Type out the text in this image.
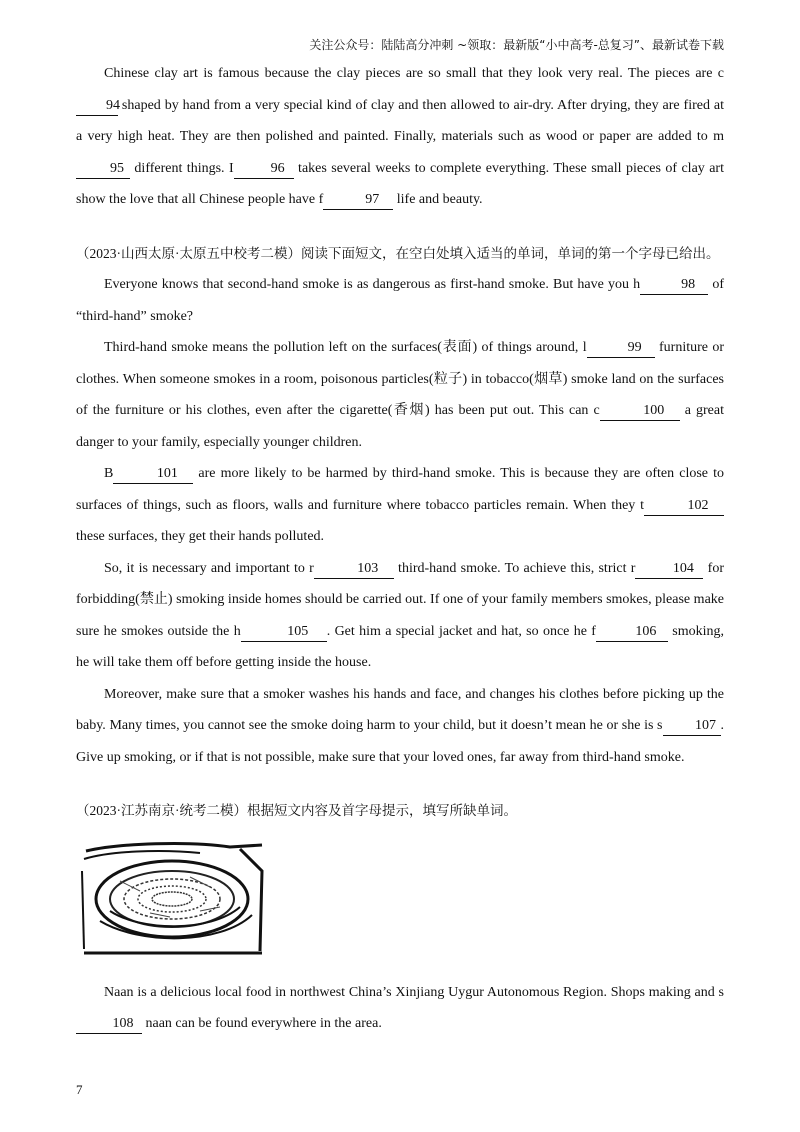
关注公众号：陆陆高分冲刺 ~领取：最新版“小中高考-总复习”、最新试卷下载

Chinese clay art is famous because the clay pieces are so small that they look very real. The pieces are c94 shaped by hand from a very special kind of clay and then allowed to air-dry. After drying, they are fired at a very high heat. They are then polished and painted. Finally, materials such as wood or paper are added to m95 different things. I	96 takes several weeks to complete everything. These small pieces of clay art show the love that all Chinese people have f	97 life and beauty.

（2023·山西太原·太原五中校考二模）阅读下面短文，在空白处填入适当的单词，单词的第一个字母已给出。

Everyone knows that second-hand smoke is as dangerous as first-hand smoke. But have you h	98 of “third-hand” smoke?

Third-hand smoke means the pollution left on the surfaces(表面) of things around, l	99 furniture or clothes. When someone smokes in a room, poisonous particles(粒子) in tobacco(烟草) smoke land on the surfaces of the furniture or his clothes, even after the cigarette(香烟) has been put out. This can c	100 a great danger to your family, especially younger children.

B	101 are more likely to be harmed by third-hand smoke. This is because they are often close to surfaces of things, such as floors, walls and furniture where tobacco particles remain. When they t	102 these surfaces, they get their hands polluted.

So, it is necessary and important to r	103 third-hand smoke. To achieve this, strict r	104 for forbidding(禁止) smoking inside homes should be carried out. If one of your family members smokes, please make sure he smokes outside the h	105 . Get him a special jacket and hat, so once he f	106 smoking, he will take them off before getting inside the house.

Moreover, make sure that a smoker washes his hands and face, and changes his clothes before picking up the baby. Many times, you cannot see the smoke doing harm to your child, but it doesn’t mean he or she is s 107 . Give up smoking, or if that is not possible, make sure that your loved ones, far away from third-hand smoke.

（2023·江苏南京·统考二模）根据短文内容及首字母提示，填写所缺单词。

Naan is a delicious local food in northwest China’s Xinjiang Uygur Autonomous Region. Shops making and s108 naan can be found everywhere in the area.

7
